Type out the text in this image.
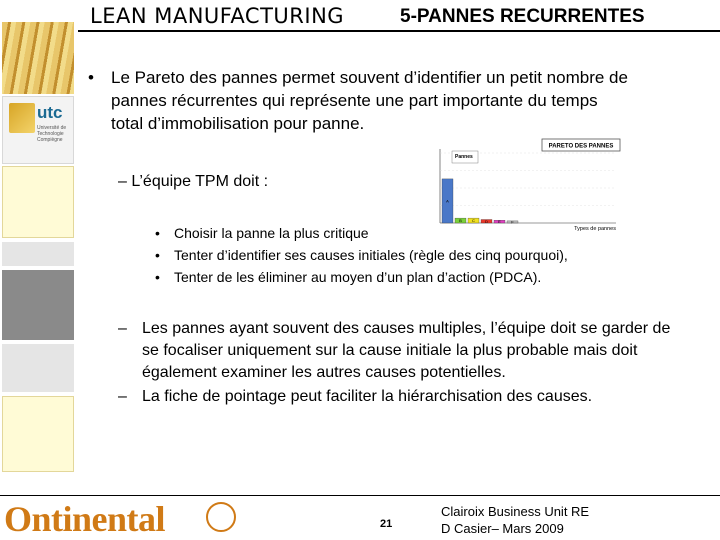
LEAN MANUFACTURING	5-PANNES RECURRENTES
utc
Université de Technologie Compiègne
• Le Pareto des pannes permet souvent d’identifier un petit nombre de pannes récurrentes qui représente une part importante du temps total d’immobilisation pour panne.
PARETO DES PANNES
Pannes
A
B	C	D	E	F
Types de pannes
– L’équipe TPM doit :
• Choisir la panne la plus critique
• Tenter d’identifier ses causes initiales (règle des cinq pourquoi),
• Tenter de les éliminer au moyen d’un plan d’action (PDCA).
– Les pannes ayant souvent des causes multiples, l’équipe doit se garder de se focaliser uniquement sur la cause initiale la plus probable mais doit également examiner les autres causes potentielles.
– La fiche de pointage peut faciliter la hiérarchisation des causes.
Ontinental	21
Clairoix Business Unit RE
D Casier– Mars 2009
